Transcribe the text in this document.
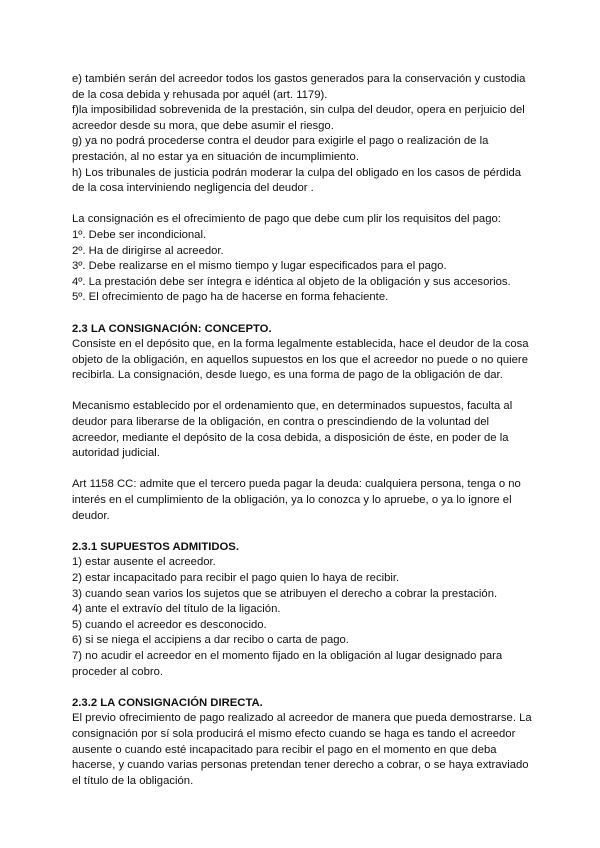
e) también serán del acreedor todos los gastos generados para la conservación y custodia
de la cosa debida y rehusada por aquél (art. 1179).
f)la imposibilidad sobrevenida de la prestación, sin culpa del deudor, opera en perjuicio del
acreedor desde su mora, que debe asumir el riesgo.
g) ya no podrá procederse contra el deudor para exigirle el pago o realización de la
prestación, al no estar ya en situación de incumplimiento.
h) Los tribunales de justicia podrán moderar la culpa del obligado en los casos de pérdida
de la cosa interviniendo negligencia del deudor .
La consignación es el ofrecimiento de pago que debe cum plir los requisitos del pago:
1º. Debe ser incondicional.
2º. Ha de dirigirse al acreedor.
3º. Debe realizarse en el mismo tiempo y lugar especificados para el pago.
4º. La prestación debe ser íntegra e idéntica al objeto de la obligación y sus accesorios.
5º. El ofrecimiento de pago ha de hacerse en forma fehaciente.
2.3 LA CONSIGNACIÓN: CONCEPTO.
Consiste en el depósito que, en la forma legalmente establecida, hace el deudor de la cosa
objeto de la obligación, en aquellos supuestos en los que el acreedor no puede o no quiere
recibirla. La consignación, desde luego, es una forma de pago de la obligación de dar.
Mecanismo establecido por el ordenamiento que, en determinados supuestos, faculta al
deudor para liberarse de la obligación, en contra o prescindiendo de la voluntad del
acreedor, mediante el depósito de la cosa debida, a disposición de éste, en poder de la
autoridad judicial.
Art 1158 CC: admite que el tercero pueda pagar la deuda: cualquiera persona, tenga o no
interés en el cumplimiento de la obligación, ya lo conozca y lo apruebe, o ya lo ignore el
deudor.
2.3.1 SUPUESTOS ADMITIDOS.
1) estar ausente el acreedor.
2) estar incapacitado para recibir el pago quien lo haya de recibir.
3) cuando sean varios los sujetos que se atribuyen el derecho a cobrar la prestación.
4) ante el extravío del título de la ligación.
5) cuando el acreedor es desconocido.
6) si se niega el accipiens a dar recibo o carta de pago.
7) no acudir el acreedor en el momento fijado en la obligación al lugar designado para
proceder al cobro.
2.3.2 LA CONSIGNACIÓN DIRECTA.
El previo ofrecimiento de pago realizado al acreedor de manera que pueda demostrarse. La
consignación por sí sola producirá el mismo efecto cuando se haga es tando el acreedor
ausente o cuando esté incapacitado para recibir el pago en el momento en que deba
hacerse, y cuando varias personas pretendan tener derecho a cobrar, o se haya extraviado
el título de la obligación.
